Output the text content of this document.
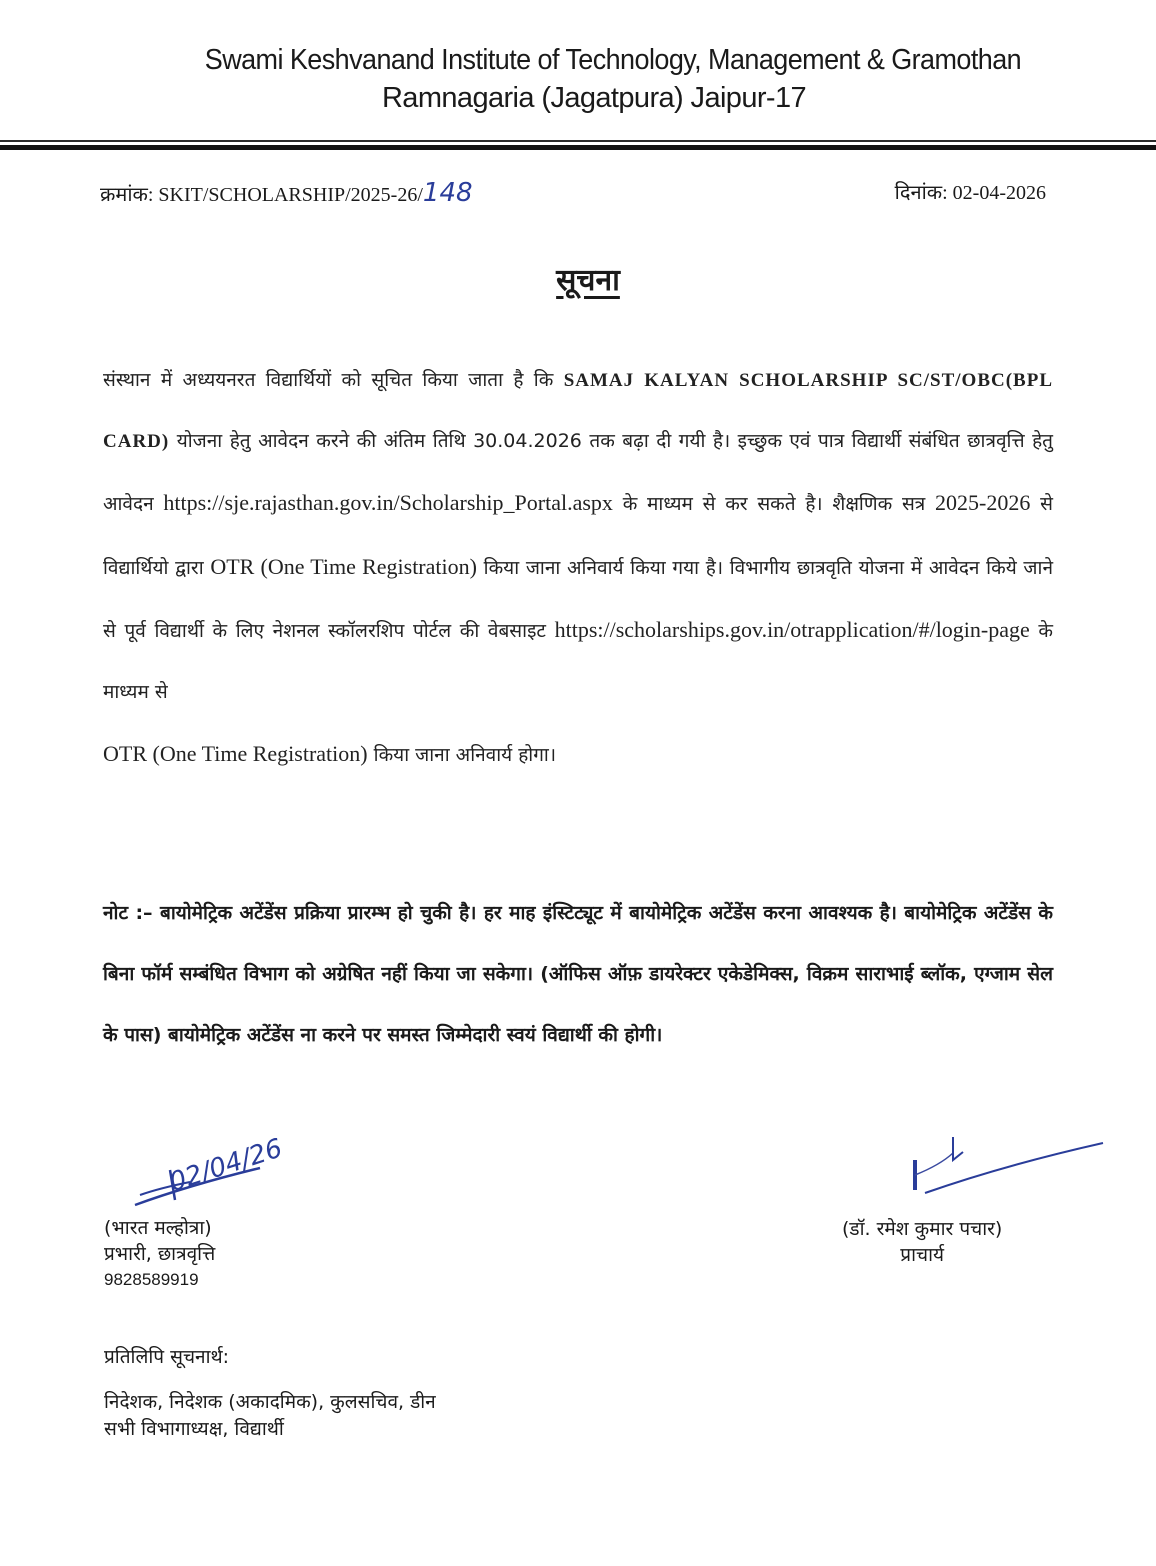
Swami Keshvanand Institute of Technology, Management & Gramothan
Ramnagaria (Jagatpura) Jaipur-17
क्रमांक: SKIT/SCHOLARSHIP/2025-26/148	दिनांक: 02-04-2026
सूचना
संस्थान में अध्ययनरत विद्यार्थियों को सूचित किया जाता है कि SAMAJ KALYAN SCHOLARSHIP SC/ST/OBC(BPL CARD) योजना हेतु आवेदन करने की अंतिम तिथि 30.04.2026 तक बढ़ा दी गयी है। इच्छुक एवं पात्र विद्यार्थी संबंधित छात्रवृत्ति हेतु आवेदन https://sje.rajasthan.gov.in/Scholarship_Portal.aspx के माध्यम से कर सकते है। शैक्षणिक सत्र 2025-2026 से विद्यार्थियो द्वारा OTR (One Time Registration) किया जाना अनिवार्य किया गया है। विभागीय छात्रवृति योजना में आवेदन किये जाने से पूर्व विद्यार्थी के लिए नेशनल स्कॉलरशिप पोर्टल की वेबसाइट https://scholarships.gov.in/otrapplication/#/login-page के माध्यम से
OTR (One Time Registration) किया जाना अनिवार्य होगा।
नोट :– बायोमेट्रिक अटेंडेंस प्रक्रिया प्रारम्भ हो चुकी है। हर माह इंस्टिट्यूट में बायोमेट्रिक अटेंडेंस करना आवश्यक है। बायोमेट्रिक अटेंडेंस के बिना फॉर्म सम्बंधित विभाग को अग्रेषित नहीं किया जा सकेगा। (ऑफिस ऑफ़ डायरेक्टर एकेडेमिक्स, विक्रम साराभाई ब्लॉक, एग्जाम सेल के पास) बायोमेट्रिक अटेंडेंस ना करने पर समस्त जिम्मेदारी स्वयं विद्यार्थी की होगी।
02/04/26
(भारत मल्होत्रा)
प्रभारी, छात्रवृत्ति
9828589919
(डॉ. रमेश कुमार पचार)
प्राचार्य
प्रतिलिपि सूचनार्थ:
निदेशक, निदेशक (अकादमिक), कुलसचिव, डीन
सभी विभागाध्यक्ष, विद्यार्थी
